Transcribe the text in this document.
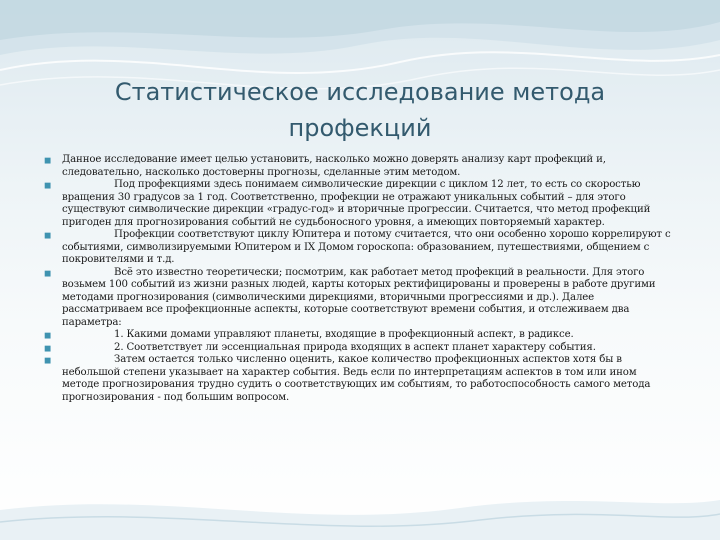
Статистическое исследование метода профекций
◼ Данное исследование имеет целью установить, насколько можно доверять анализу карт профекций и, следовательно, насколько достоверны прогнозы, сделанные этим методом.
◼	Под профекциями здесь понимаем символические дирекции с циклом 12 лет, то есть со скоростью вращения 30 градусов за 1 год. Соответственно, профекции не отражают уникальных событий – для этого существуют символические дирекции «градус-год» и вторичные прогрессии. Считается, что метод профекций пригоден для прогнозирования событий не судьбоносного уровня, а имеющих повторяемый характер.
◼	Профекции соответствуют циклу Юпитера и потому считается, что они особенно хорошо коррелируют с событиями, символизируемыми Юпитером и IX Домом гороскопа: образованием, путешествиями, общением с покровителями и т.д.
◼	Всё это известно теоретически; посмотрим, как работает метод профекций в реальности. Для этого возьмем 100 событий из жизни разных людей, карты которых ректифицированы и проверены в работе другими методами прогнозирования (символическими дирекциями, вторичными прогрессиями и др.). Далее рассматриваем все профекционные аспекты, которые соответствуют времени события, и отслеживаем два параметра:
◼	1. Какими домами управляют планеты, входящие в профекционный аспект, в радиксе.
◼	2. Соответствует ли эссенциальная природа входящих в аспект планет характеру события.
◼	Затем остается только численно оценить, какое количество профекционных аспектов хотя бы в небольшой степени указывает на характер события. Ведь если по интерпретациям аспектов в том или ином методе прогнозирования трудно судить о соответствующих им событиям, то работоспособность самого метода прогнозирования - под большим вопросом.
